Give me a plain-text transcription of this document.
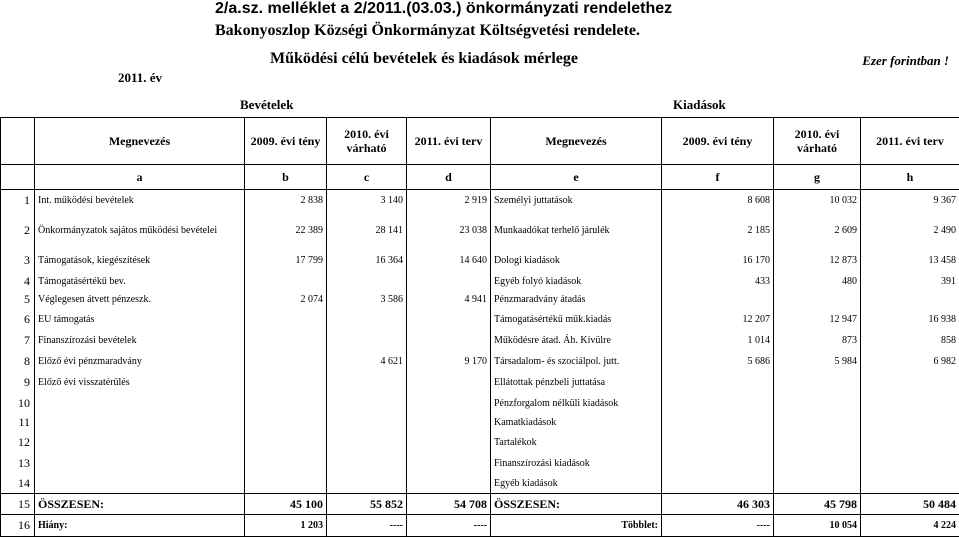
2/a.sz. melléklet a 2/2011.(03.03.) önkormányzati rendelethez
Bakonyoszlop Községi Önkormányzat Költségvetési rendelete.
Működési célú bevételek és kiadások mérlege
2011. év
Ezer forintban !
Bevételek	Kiadások
	Megnevezés	2009. évi tény	2010. évi várható	2011. évi terv	Megnevezés	2009. évi tény	2010. évi várható	2011. évi terv
	a	b	c	d	e	f	g	h
1	Int. működési bevételek	2 838	3 140	2 919	Személyi juttatások	8 608	10 032	9 367
2	Önkormányzatok sajátos működési bevételei	22 389	28 141	23 038	Munkaadókat terhelő járulék	2 185	2 609	2 490
3	Támogatások, kiegészítések	17 799	16 364	14 640	Dologi kiadások	16 170	12 873	13 458
4	Támogatásértékű bev.				Egyéb folyó kiadások	433	480	391
5	Véglegesen átvett pénzeszk.	2 074	3 586	4 941	Pénzmaradvány átadás			
6	EU támogatás				Támogatásértékű műk.kiadás	12 207	12 947	16 938
7	Finanszírozási bevételek				Működésre átad. Áh. Kívülre	1 014	873	858
8	Előző évi pénzmaradvány		4 621	9 170	Társadalom- és szociálpol. jutt.	5 686	5 984	6 982
9	Előző évi visszatérülés				Ellátottak pénzbeli juttatása			
10					Pénzforgalom nélküli kiadások			
11					Kamatkiadások			
12					Tartalékok			
13					Finanszírozási kiadások			
14					Egyéb kiadások			
15	ÖSSZESEN:	45 100	55 852	54 708	ÖSSZESEN:	46 303	45 798	50 484
16	Hiány:	1 203	----	----	Többlet:	----	10 054	4 224
